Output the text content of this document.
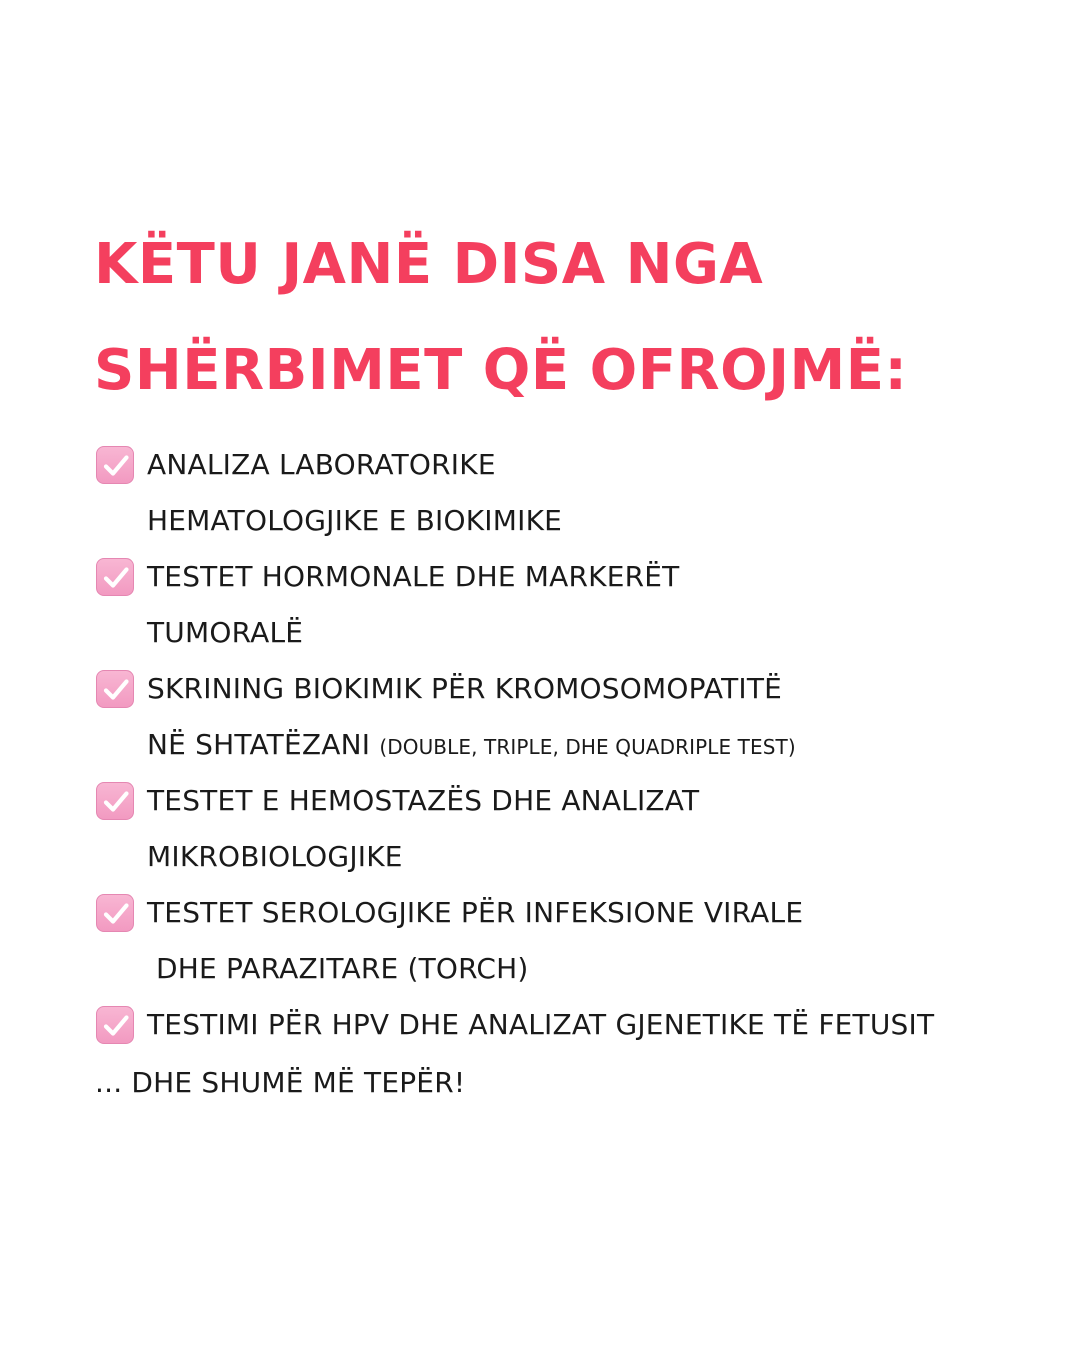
KËTU JANË DISA NGA
SHËRBIMET QË OFROJMË:
ANALIZA LABORATORIKE
HEMATOLOGJIKE E BIOKIMIKE
TESTET HORMONALE DHE MARKERËT
TUMORALË
SKRINING BIOKIMIK PËR KROMOSOMOPATITË
NË SHTATËZANI (DOUBLE, TRIPLE, DHE QUADRIPLE TEST)
TESTET E HEMOSTAZËS DHE ANALIZAT
MIKROBIOLOGJIKE
TESTET SEROLOGJIKE PËR INFEKSIONE VIRALE
DHE PARAZITARE (TORCH)
TESTIMI PËR HPV DHE ANALIZAT GJENETIKE TË FETUSIT

... DHE SHUMË MË TEPËR!
